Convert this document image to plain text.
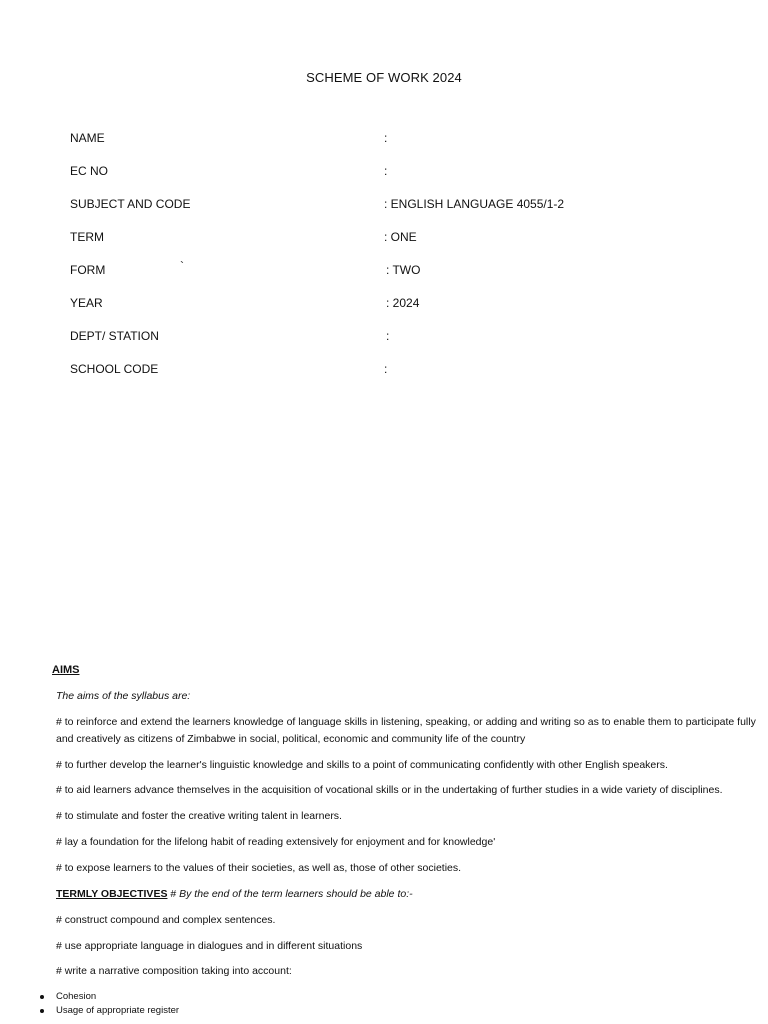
SCHEME OF WORK 2024
NAME	:
EC NO	:
SUBJECT AND CODE	: ENGLISH LANGUAGE 4055/1-2
TERM	: ONE
FORM	`	: TWO
YEAR	: 2024
DEPT/ STATION	:
SCHOOL CODE	:
AIMS
The aims of the syllabus are:
# to reinforce and extend the learners knowledge of language skills in listening, speaking, or adding and writing so as to enable them to participate fully and creatively as citizens of Zimbabwe in social, political, economic and community life of the country
# to further develop the learner's linguistic knowledge and skills to a point of communicating confidently with other English speakers.
# to aid learners advance themselves in the acquisition of vocational skills or in the undertaking of further studies in a wide variety of disciplines.
# to stimulate and foster the creative writing talent in learners.
# lay a foundation for the lifelong habit of reading extensively for enjoyment and for knowledge'
# to expose learners to the values of their societies, as well as, those of other societies.
TERMLY OBJECTIVES # By the end of the term learners should be able to:-
# construct compound and complex sentences.
# use appropriate language in dialogues and in different situations
# write a narrative composition taking into account:
Cohesion
Usage of appropriate register
